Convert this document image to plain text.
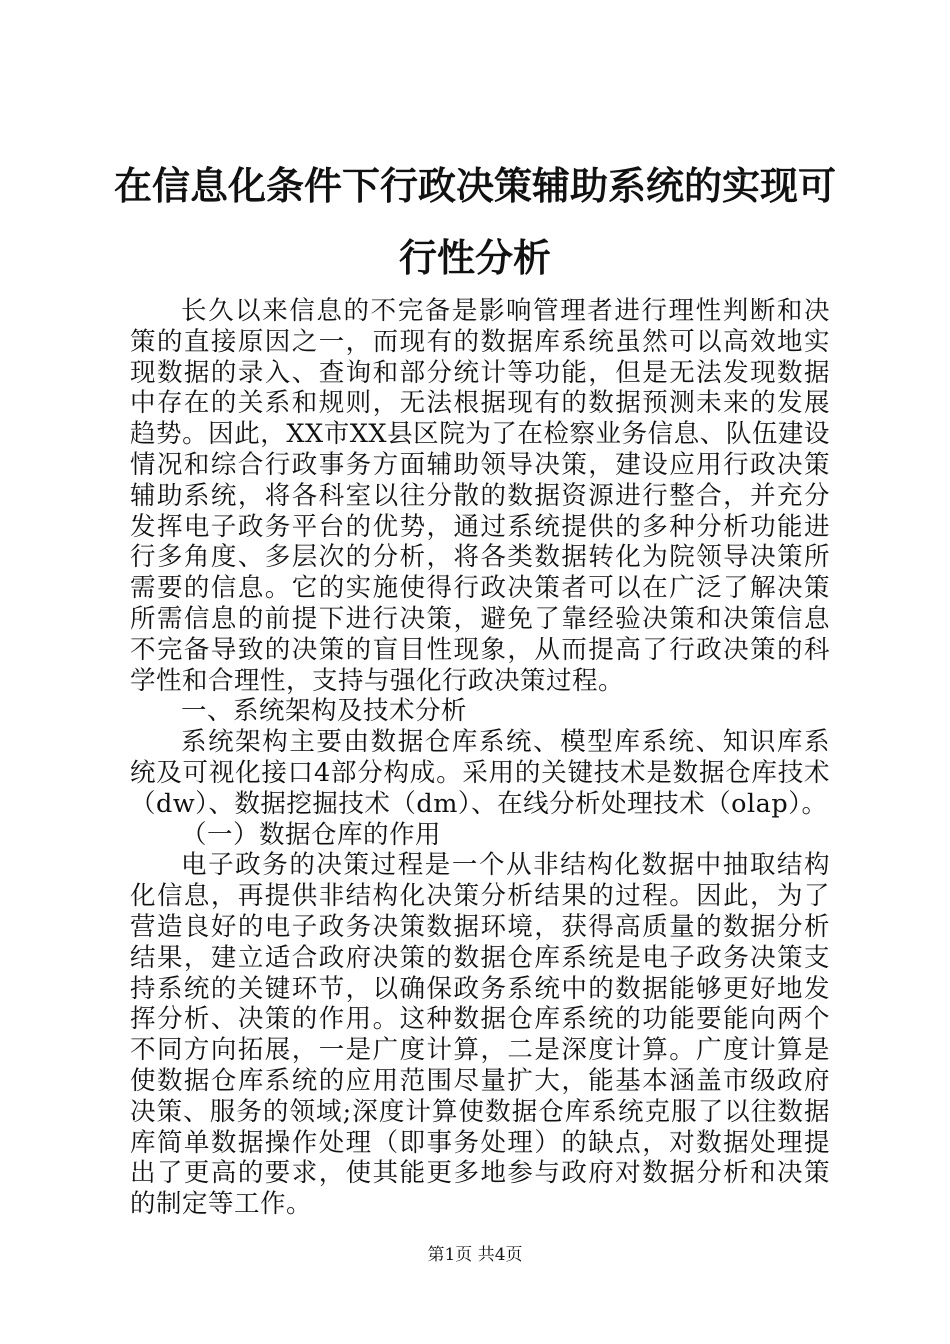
在信息化条件下行政决策辅助系统的实现可行性分析

长久以来信息的不完备是影响管理者进行理性判断和决策的直接原因之一，而现有的数据库系统虽然可以高效地实现数据的录入、查询和部分统计等功能，但是无法发现数据中存在的关系和规则，无法根据现有的数据预测未来的发展趋势。因此，XX市XX县区院为了在检察业务信息、队伍建设情况和综合行政事务方面辅助领导决策，建设应用行政决策辅助系统，将各科室以往分散的数据资源进行整合，并充分发挥电子政务平台的优势，通过系统提供的多种分析功能进行多角度、多层次的分析，将各类数据转化为院领导决策所需要的信息。它的实施使得行政决策者可以在广泛了解决策所需信息的前提下进行决策，避免了靠经验决策和决策信息不完备导致的决策的盲目性现象，从而提高了行政决策的科学性和合理性，支持与强化行政决策过程。

一、系统架构及技术分析

系统架构主要由数据仓库系统、模型库系统、知识库系统及可视化接口4部分构成。采用的关键技术是数据仓库技术（dw）、数据挖掘技术（dm）、在线分析处理技术（olap）。

（一）数据仓库的作用

电子政务的决策过程是一个从非结构化数据中抽取结构化信息，再提供非结构化决策分析结果的过程。因此，为了营造良好的电子政务决策数据环境，获得高质量的数据分析结果，建立适合政府决策的数据仓库系统是电子政务决策支持系统的关键环节，以确保政务系统中的数据能够更好地发挥分析、决策的作用。这种数据仓库系统的功能要能向两个不同方向拓展，一是广度计算，二是深度计算。广度计算是使数据仓库系统的应用范围尽量扩大，能基本涵盖市级政府决策、服务的领域;深度计算使数据仓库系统克服了以往数据库简单数据操作处理（即事务处理）的缺点，对数据处理提出了更高的要求，使其能更多地参与政府对数据分析和决策的制定等工作。

第1页 共4页
